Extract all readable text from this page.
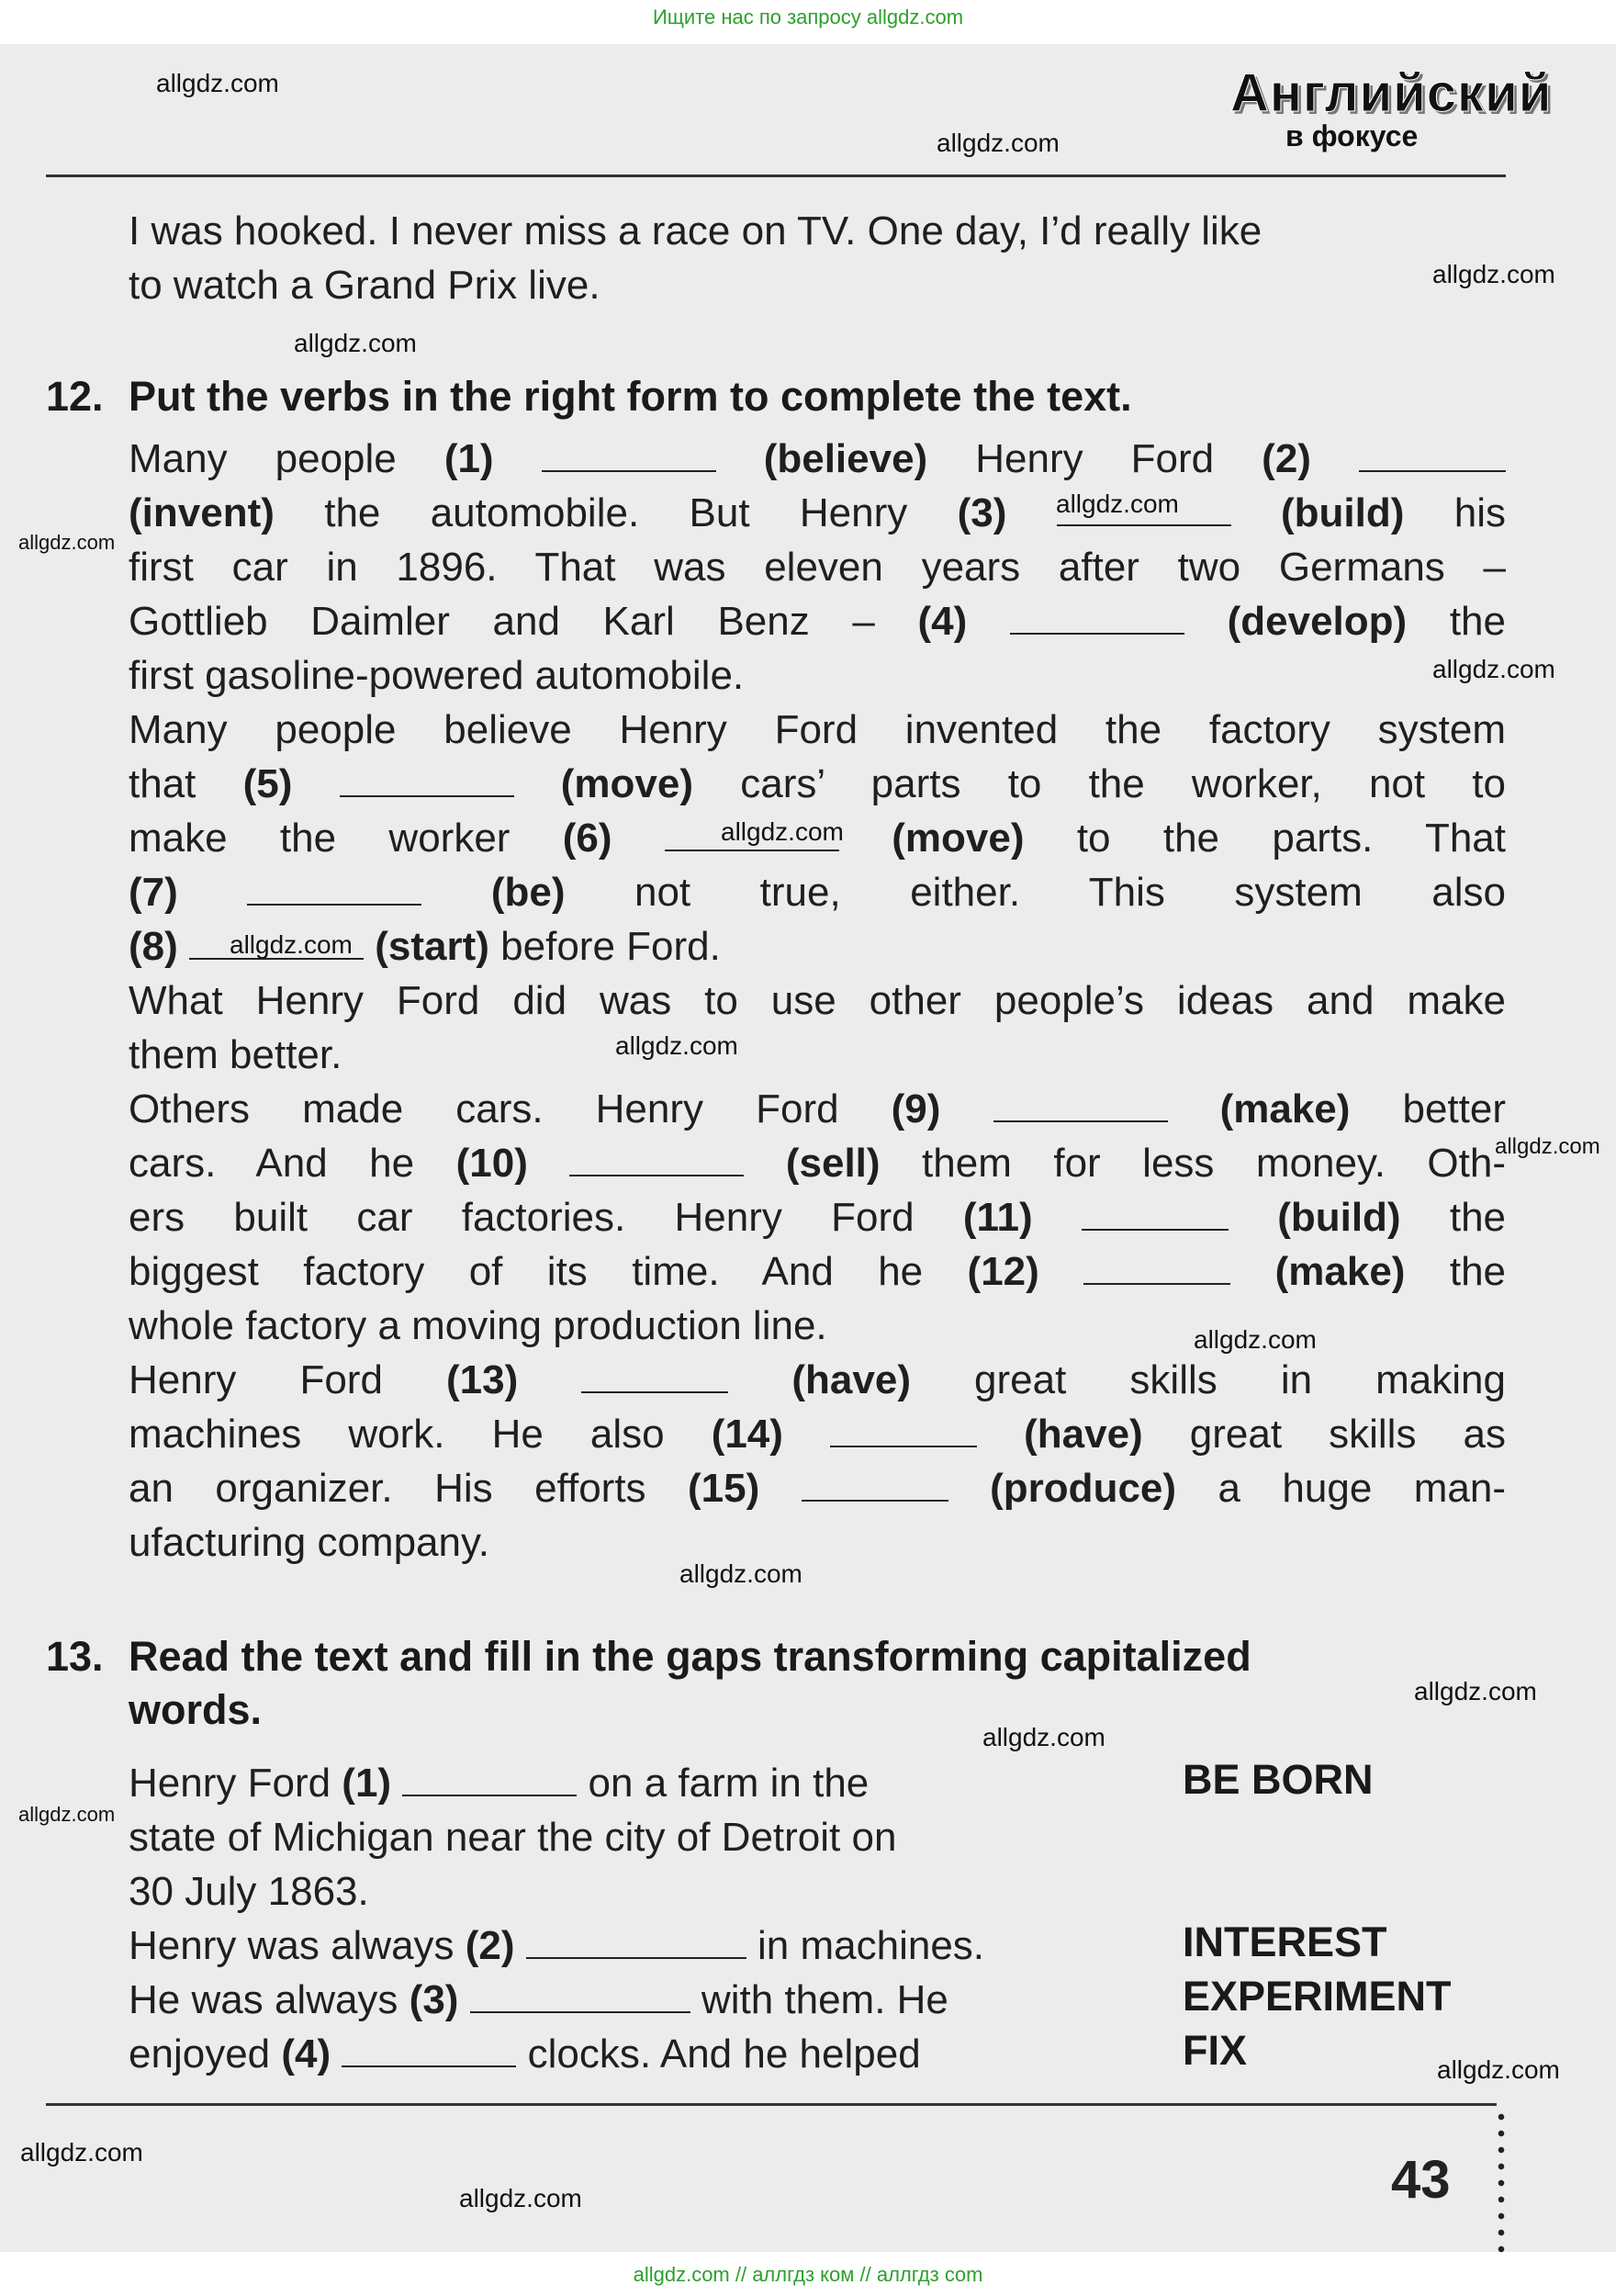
Ищите нас по запросу allgdz.com
allgdz.com // аллгдз ком // аллгдз com
allgdz.com
allgdz.com
allgdz.com
allgdz.com
allgdz.com
allgdz.com
allgdz.com
allgdz.com
allgdz.com
allgdz.com
allgdz.com
allgdz.com
allgdz.com
allgdz.com
allgdz.com
allgdz.com
allgdz.com
allgdz.com
allgdz.com
Английский
в фокусе
I was hooked. I never miss a race on TV. One day, I’d really like
to watch a Grand Prix live.
12. Put the verbs in the right form to complete the text.
Many people (1)	(believe) Henry Ford (2)
(invent) the automobile. But Henry (3)	(build) his
first car in 1896. That was eleven years after two Germans –
Gottlieb Daimler and Karl Benz – (4)	(develop) the
first gasoline-powered automobile.
Many people believe Henry Ford invented the factory system
that (5)	(move) cars’ parts to the worker, not to
make the worker (6)	(move) to the parts. That
(7)	(be) not true, either. This system also
(8)	(start) before Ford.
What Henry Ford did was to use other people’s ideas and make
them better.
Others made cars. Henry Ford (9)	(make) better
cars. And he (10)	(sell) them for less money. Oth-
ers built car factories. Henry Ford (11)	(build) the
biggest factory of its time. And he (12)	(make) the
whole factory a moving production line.
Henry Ford (13)	(have) great skills in making
machines work. He also (14)	(have) great skills as
an organizer. His efforts (15)	(produce) a huge man-
ufacturing company.
13. Read the text and fill in the gaps transforming capitalized
words.
Henry Ford (1)	on a farm in the
state of Michigan near the city of Detroit on
30 July 1863.
Henry was always (2)	in machines.
He was always (3)	with them. He
enjoyed (4)	clocks. And he helped
BE BORN
INTEREST
EXPERIMENT
FIX
43
